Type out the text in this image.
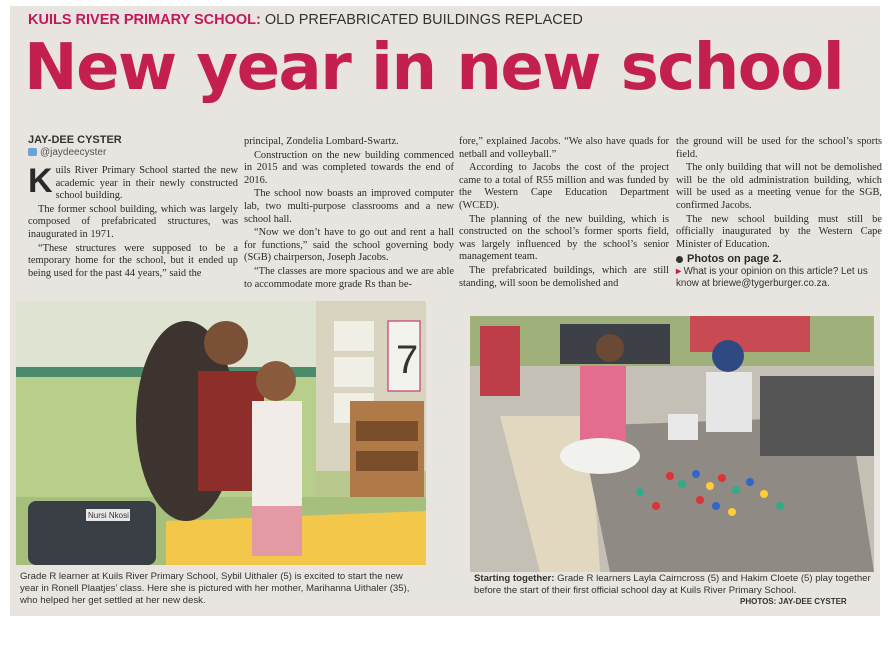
KUILS RIVER PRIMARY SCHOOL: OLD PREFABRICATED BUILDINGS REPLACED
New year in new school
JAY-DEE CYSTER
@jaydeecyster

Kuils River Primary School started the new academic year in their newly constructed school building.

The former school building, which was largely composed of prefabricated structures, was inaugurated in 1971.

“These structures were supposed to be a temporary home for the school, but it ended up being used for the past 44 years,” said the

principal, Zondelia Lombard-Swartz.

Construction on the new building commenced in 2015 and was completed towards the end of 2016.

The school now boasts an improved computer lab, two multi-purpose classrooms and a new school hall.

“Now we don’t have to go out and rent a hall for functions,” said the school governing body (SGB) chairperson, Joseph Jacobs.

“The classes are more spacious and we are able to accommodate more grade Rs than be-

fore,” explained Jacobs. “We also have quads for netball and volleyball.”

According to Jacobs the cost of the project came to a total of R55 million and was funded by the Western Cape Education Department (WCED).

The planning of the new building, which is constructed on the school’s former sports field, was largely influenced by the school’s senior management team.

The prefabricated buildings, which are still standing, will soon be demolished and

the ground will be used for the school’s sports field.

The only building that will not be demolished will be the old administration building, which will be used as a meeting venue for the SGB, confirmed Jacobs.

The new school building must still be officially inaugurated by the Western Cape Minister of Education.

Photos on page 2.
▸ What is your opinion on this article? Let us know at briewe@tygerburger.co.za.
7
Nursi Nkosi
Grade R learner at Kuils River Primary School, Sybil Uithaler (5) is excited to start the new year in Ronell Plaatjes’ class. Here she is pictured with her mother, Marihanna Uithaler (35), who helped her get settled at her new desk.
Starting together: Grade R learners Layla Cairncross (5) and Hakim Cloete (5) play together before the start of their first official school day at Kuils River Primary School.
PHOTOS: JAY-DEE CYSTER
